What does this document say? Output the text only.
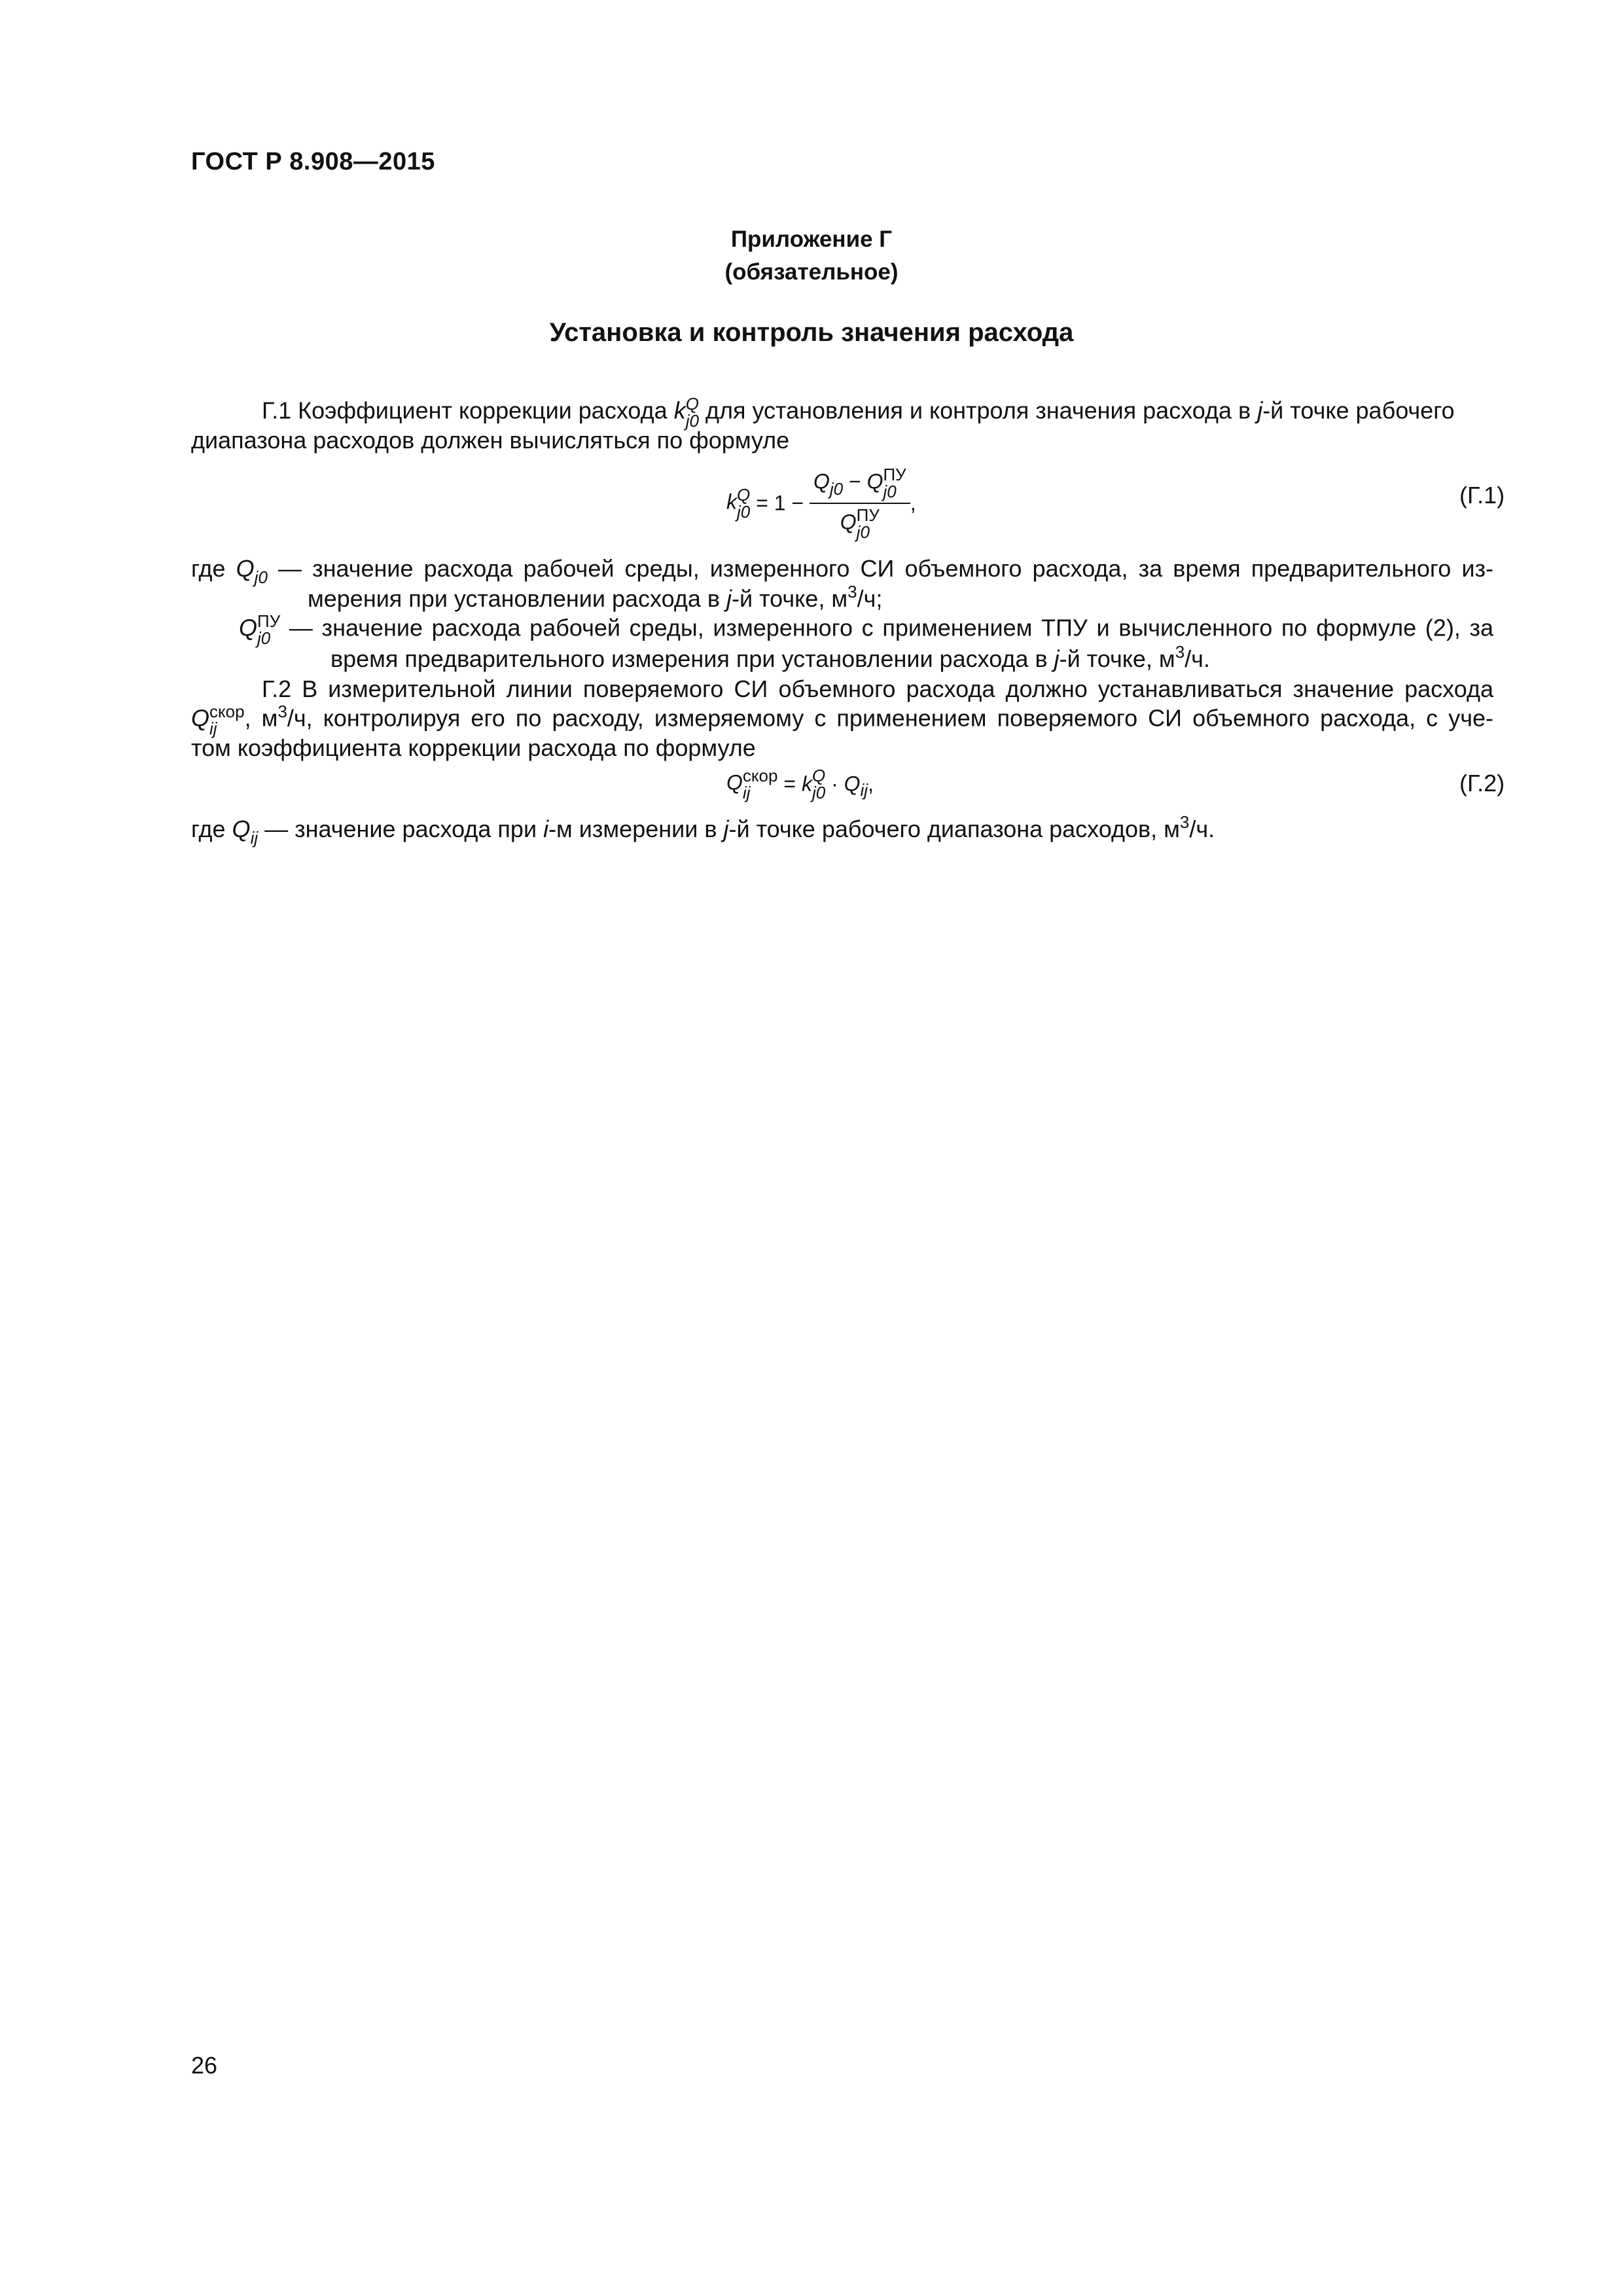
ГОСТ Р 8.908—2015
Приложение Г
(обязательное)
Установка и контроль значения расхода
Г.1 Коэффициент коррекции расхода k Q
j0 для установления и контроля значения расхода в j-й точке рабочего
диапазона расходов должен вычисляться по формуле
k Q
$j0 = 1 - Q_{j0} - Q$ ПУ
j0
Q ПУ
j0 ,	(Г.1)
где $Q_{j0}$ — значение расхода рабочей среды, измеренного СИ объемного расхода, за время предварительного из-
мерения при установлении расхода в j-й точке, $м^3/ч$;
Q ПУ
j0 — значение расхода рабочей среды, измеренного с применением ТПУ и вычисленного по формуле (2), за
время предварительного измерения при установлении расхода в j-й точке, $м^3/ч$.
Г.2 В измерительной линии поверяемого СИ объемного расхода должно устанавливаться значение расхода
Q скор
ij	, $м^3/ч$, контролируя его по расходу, измеряемому с применением поверяемого СИ объемного расхода, с уче-
том коэффициента коррекции расхода по формуле
Q скор
ij	= k Q
$j0 \cdot Q_{ij}$,	(Г.2)
где $Q_{ij}$ — значение расхода при i-м измерении в j-й точке рабочего диапазона расходов, $м^3/ч$.
26
